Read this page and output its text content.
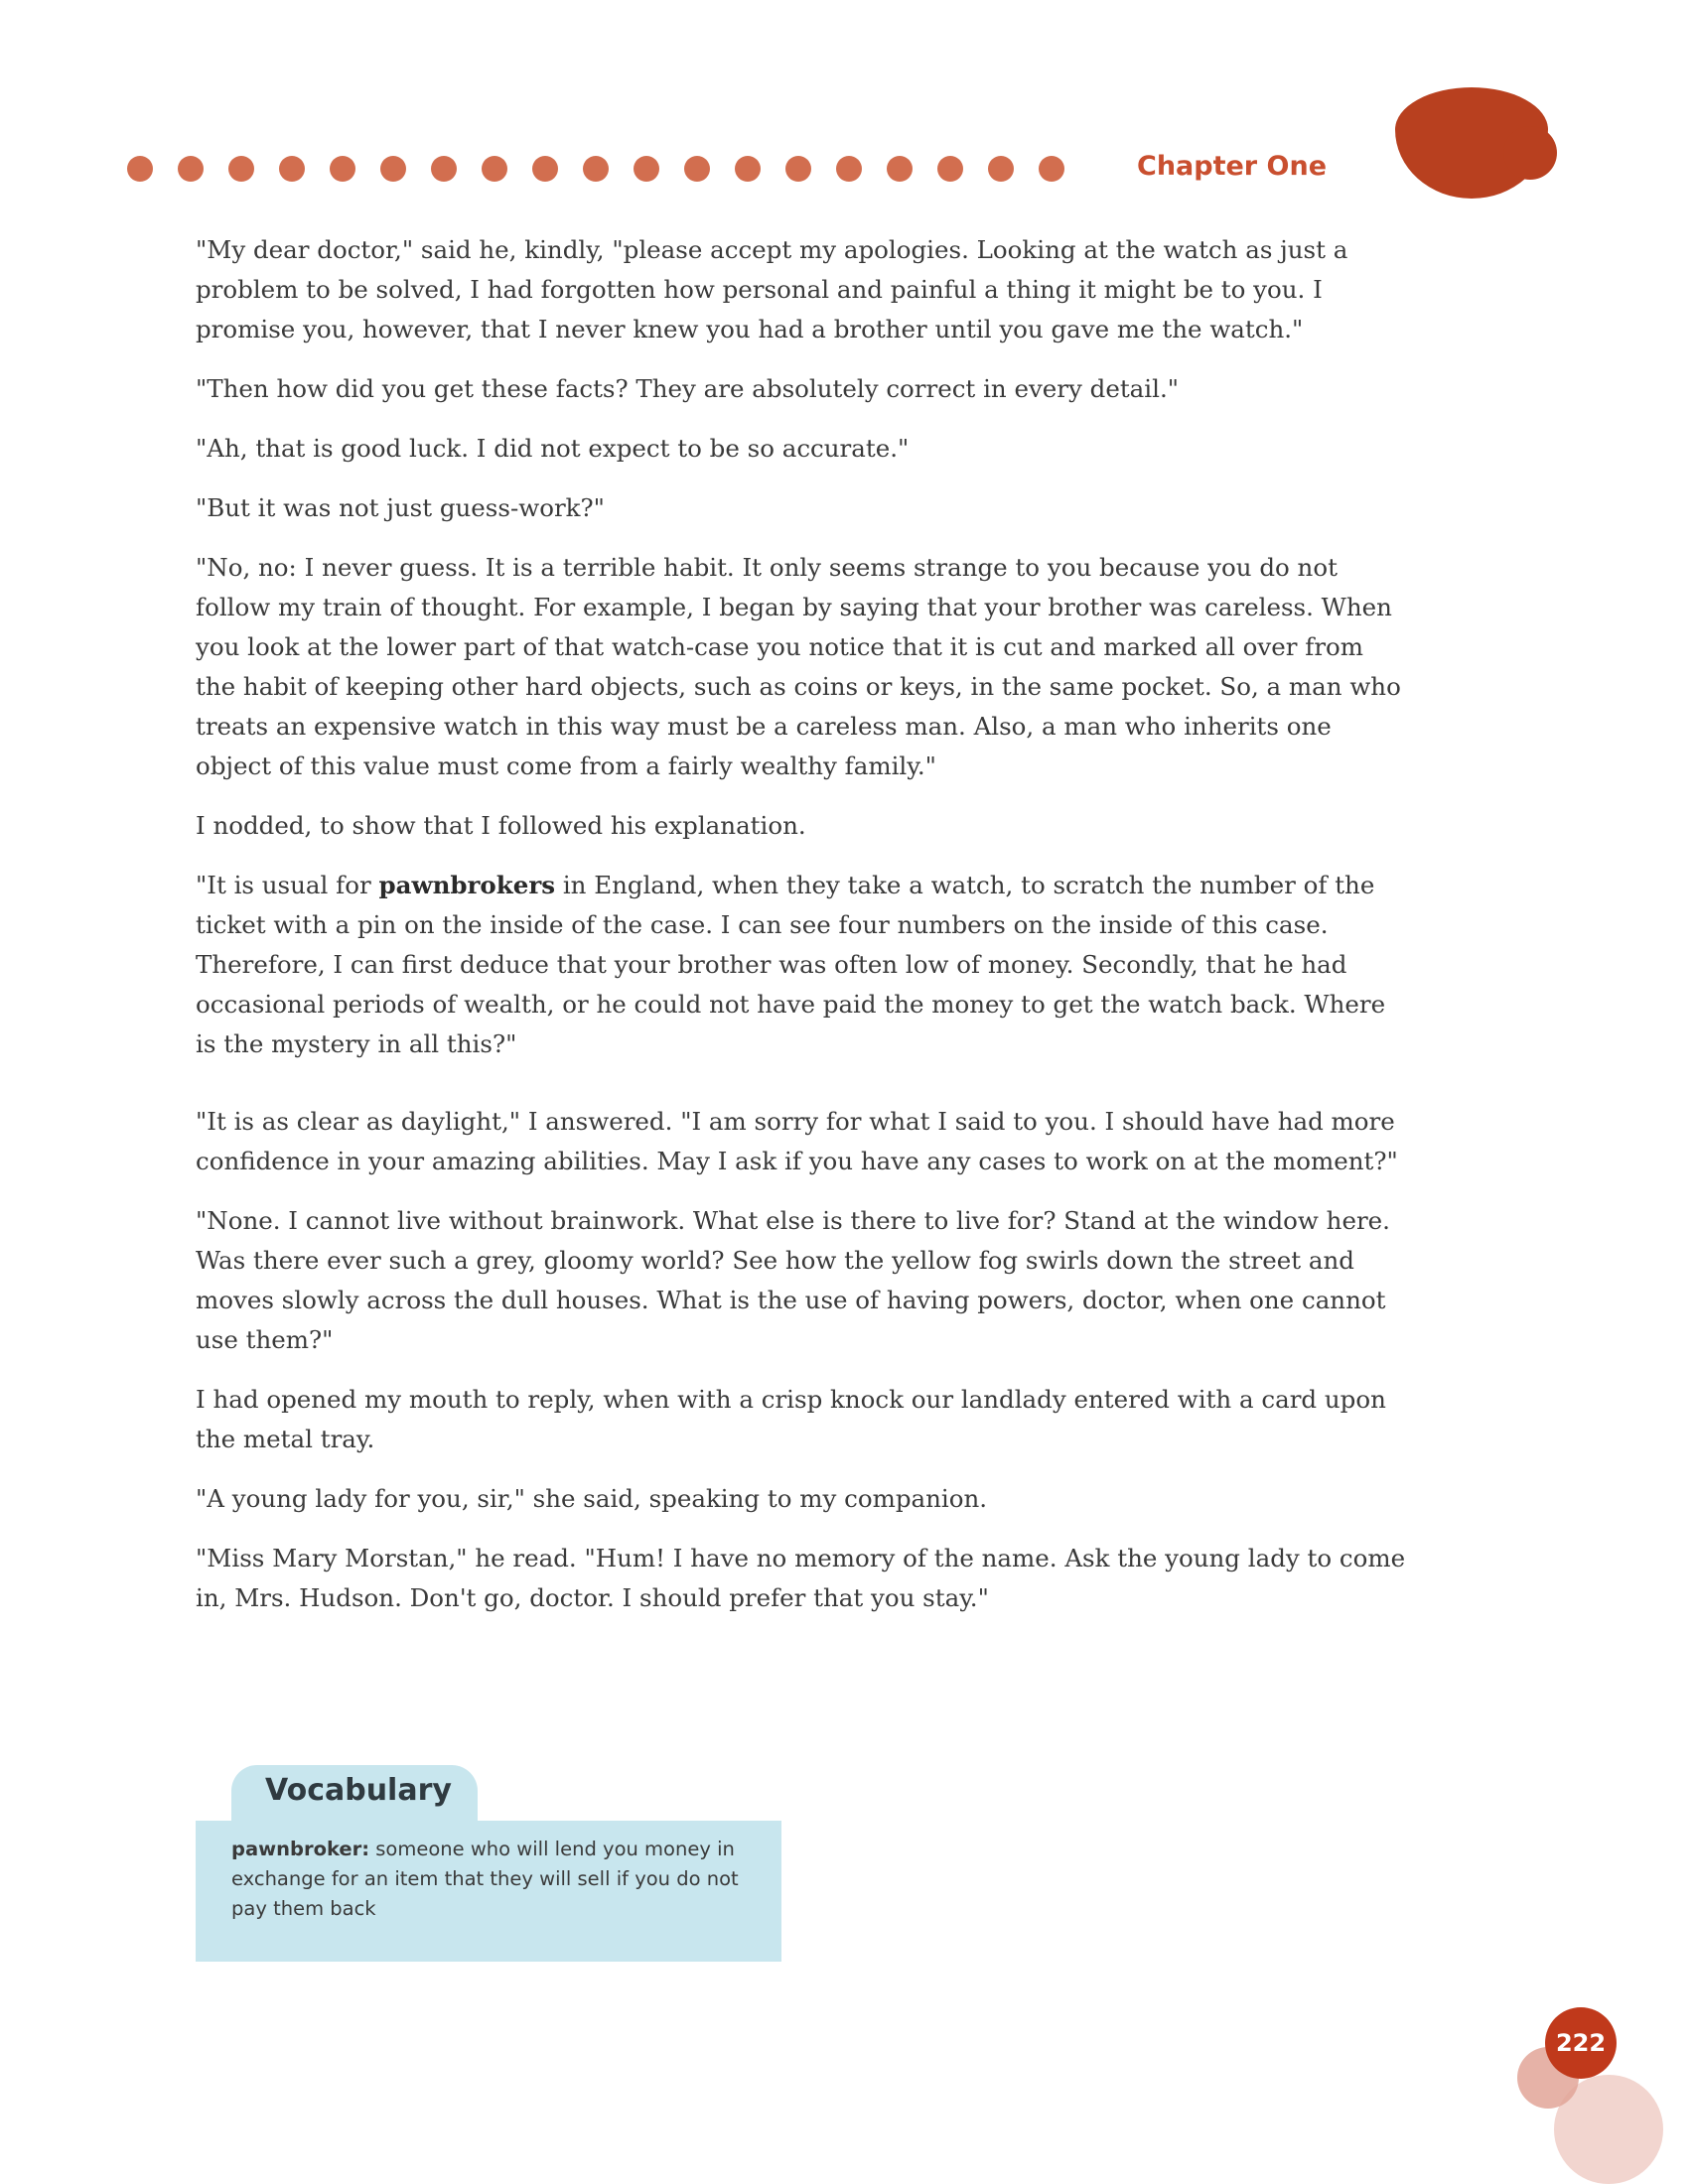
Chapter One

"My dear doctor," said he, kindly, "please accept my apologies. Looking at the watch as just a problem to be solved, I had forgotten how personal and painful a thing it might be to you. I promise you, however, that I never knew you had a brother until you gave me the watch."

"Then how did you get these facts? They are absolutely correct in every detail."

"Ah, that is good luck. I did not expect to be so accurate."

"But it was not just guess-work?"

"No, no: I never guess. It is a terrible habit. It only seems strange to you because you do not follow my train of thought. For example, I began by saying that your brother was careless. When you look at the lower part of that watch-case you notice that it is cut and marked all over from the habit of keeping other hard objects, such as coins or keys, in the same pocket. So, a man who treats an expensive watch in this way must be a careless man. Also, a man who inherits one object of this value must come from a fairly wealthy family."

I nodded, to show that I followed his explanation.

"It is usual for pawnbrokers in England, when they take a watch, to scratch the number of the ticket with a pin on the inside of the case. I can see four numbers on the inside of this case. Therefore, I can first deduce that your brother was often low of money. Secondly, that he had occasional periods of wealth, or he could not have paid the money to get the watch back. Where is the mystery in all this?"

"It is as clear as daylight," I answered. "I am sorry for what I said to you. I should have had more confidence in your amazing abilities. May I ask if you have any cases to work on at the moment?"

"None. I cannot live without brainwork. What else is there to live for? Stand at the window here. Was there ever such a grey, gloomy world? See how the yellow fog swirls down the street and moves slowly across the dull houses. What is the use of having powers, doctor, when one cannot use them?"

I had opened my mouth to reply, when with a crisp knock our landlady entered with a card upon the metal tray.

"A young lady for you, sir," she said, speaking to my companion.

"Miss Mary Morstan," he read. "Hum! I have no memory of the name. Ask the young lady to come in, Mrs. Hudson. Don't go, doctor. I should prefer that you stay."

Vocabulary
pawnbroker: someone who will lend you money in exchange for an item that they will sell if you do not pay them back
222
